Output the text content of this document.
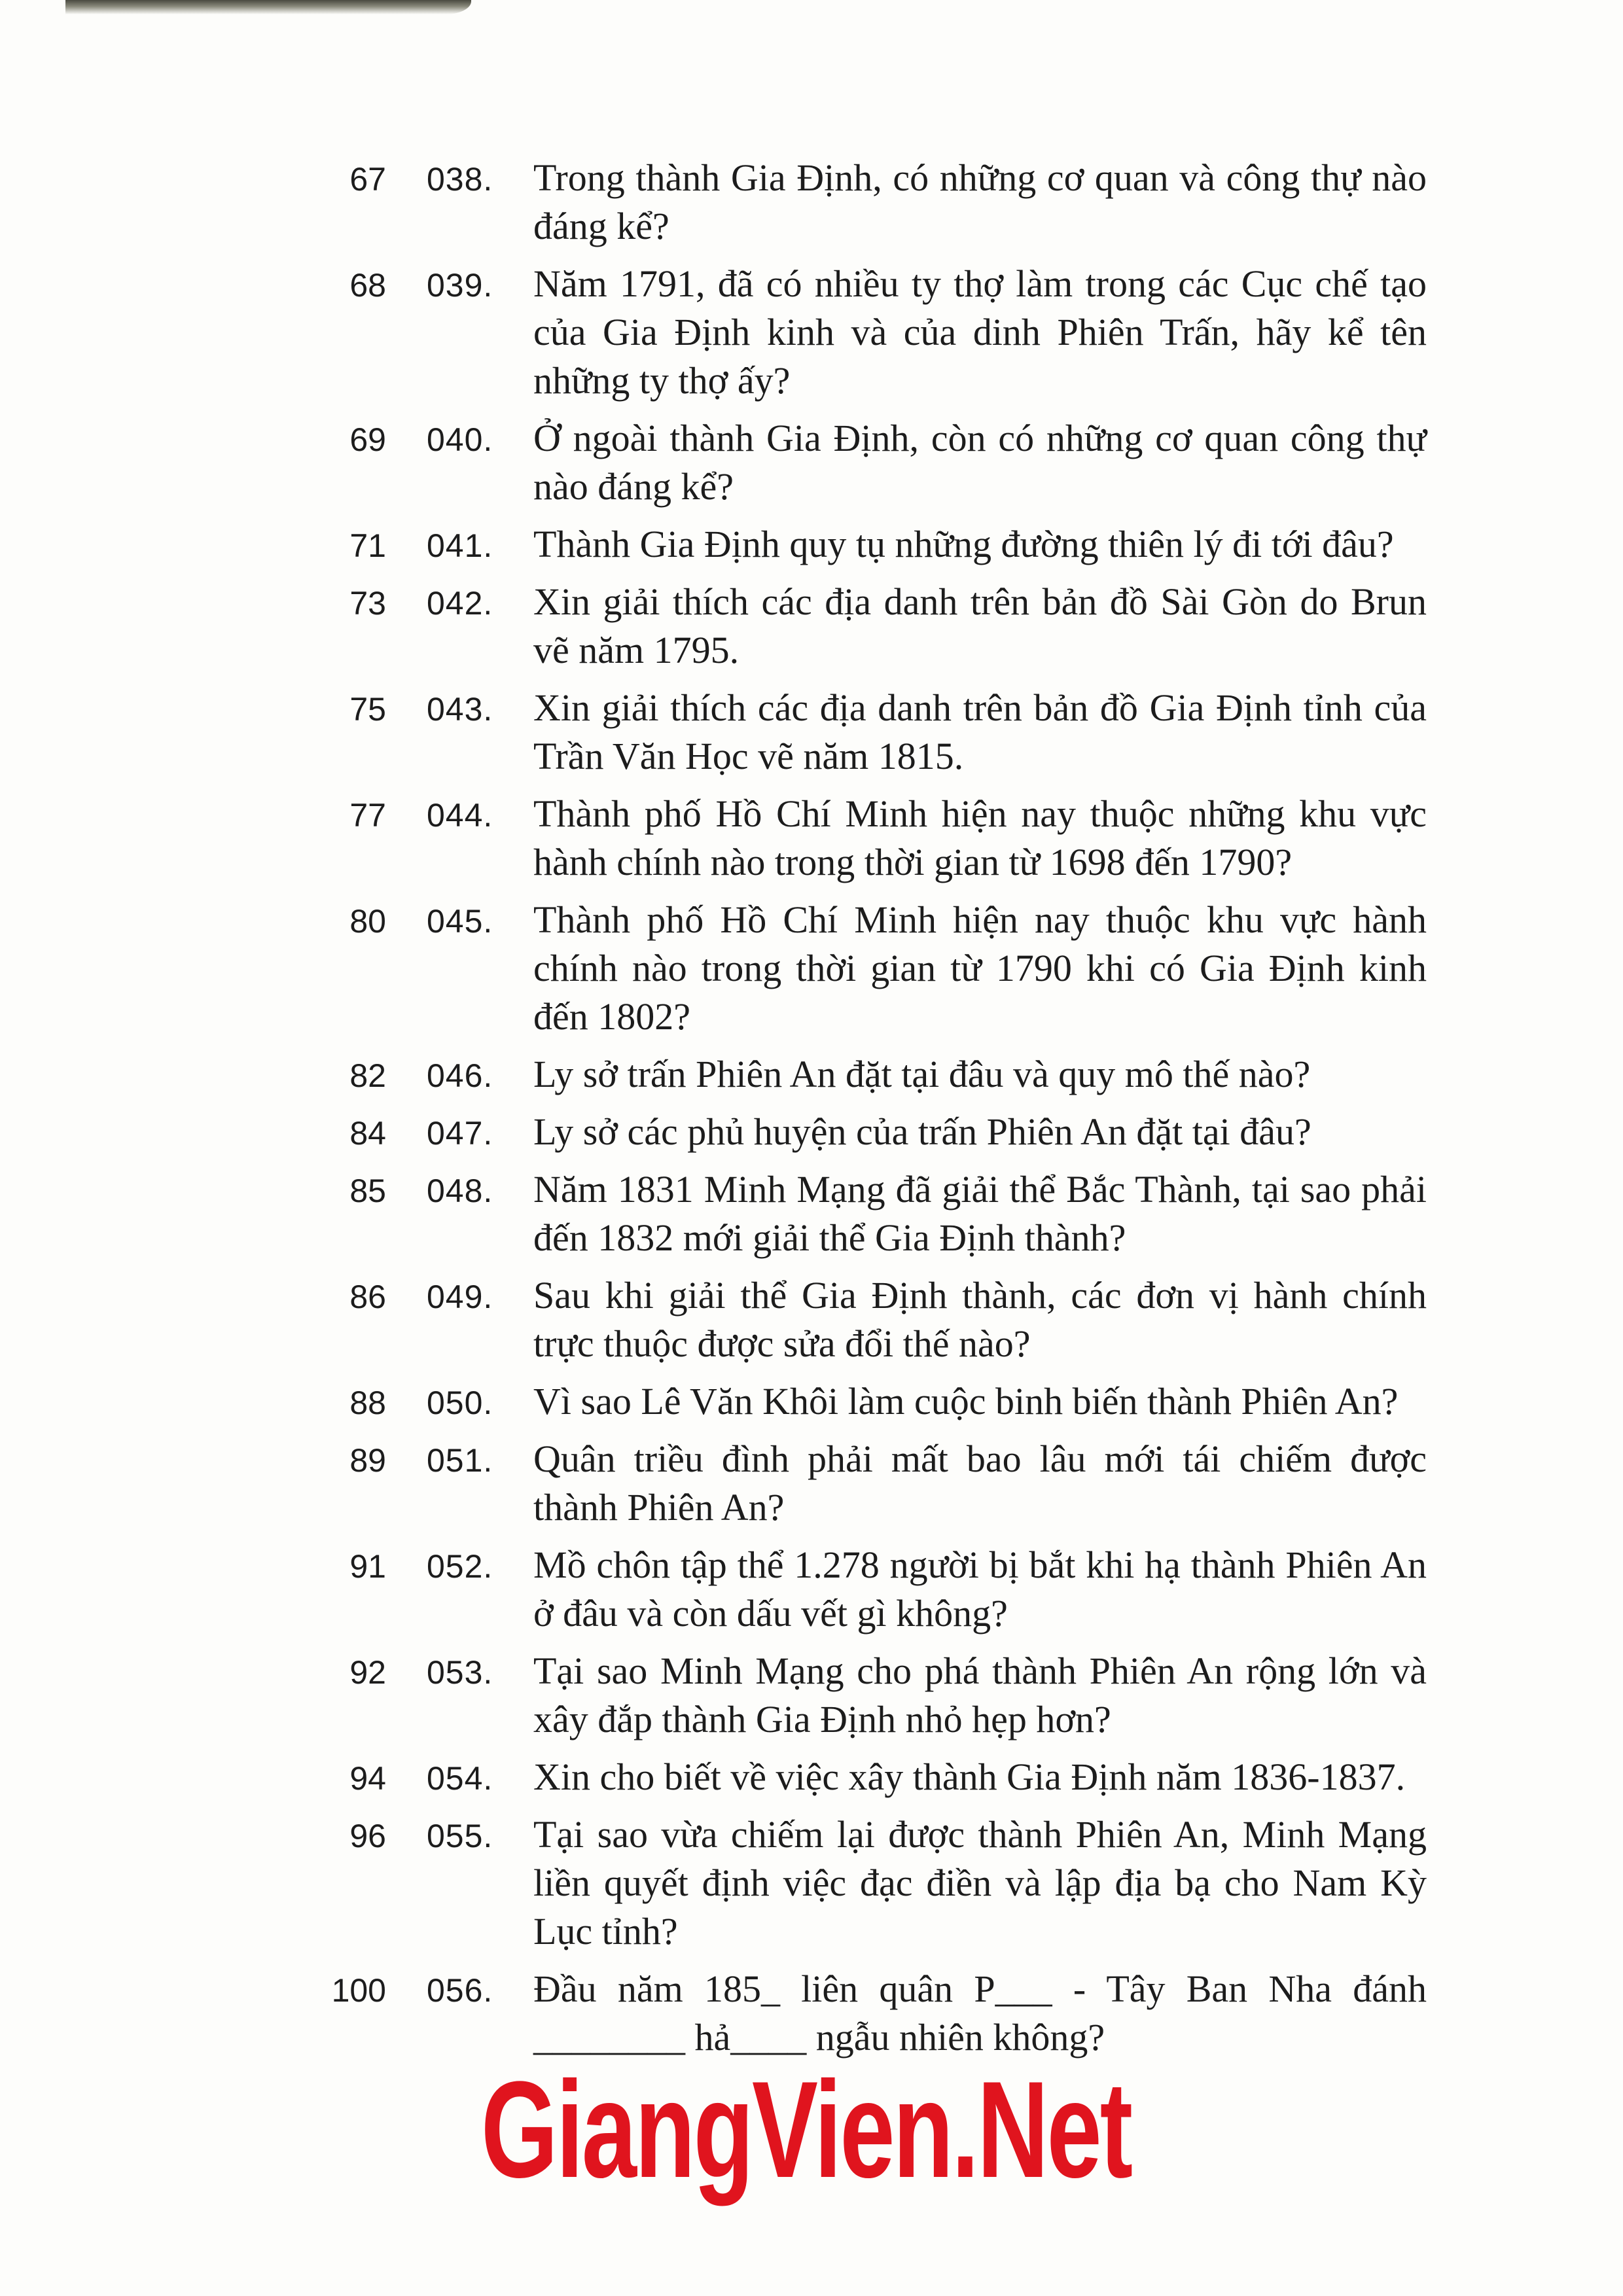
67 038. Trong thành Gia Định, có những cơ quan và công thự nào đáng kể?
68 039. Năm 1791, đã có nhiều ty thợ làm trong các Cục chế tạo của Gia Định kinh và của dinh Phiên Trấn, hãy kể tên những ty thợ ấy?
69 040. Ở ngoài thành Gia Định, còn có những cơ quan công thự nào đáng kể?
71 041. Thành Gia Định quy tụ những đường thiên lý đi tới đâu?
73 042. Xin giải thích các địa danh trên bản đồ Sài Gòn do Brun vẽ năm 1795.
75 043. Xin giải thích các địa danh trên bản đồ Gia Định tỉnh của Trần Văn Học vẽ năm 1815.
77 044. Thành phố Hồ Chí Minh hiện nay thuộc những khu vực hành chính nào trong thời gian từ 1698 đến 1790?
80 045. Thành phố Hồ Chí Minh hiện nay thuộc khu vực hành chính nào trong thời gian từ 1790 khi có Gia Định kinh đến 1802?
82 046. Ly sở trấn Phiên An đặt tại đâu và quy mô thế nào?
84 047. Ly sở các phủ huyện của trấn Phiên An đặt tại đâu?
85 048. Năm 1831 Minh Mạng đã giải thể Bắc Thành, tại sao phải đến 1832 mới giải thể Gia Định thành?
86 049. Sau khi giải thể Gia Định thành, các đơn vị hành chính trực thuộc được sửa đổi thế nào?
88 050. Vì sao Lê Văn Khôi làm cuộc binh biến thành Phiên An?
89 051. Quân triều đình phải mất bao lâu mới tái chiếm được thành Phiên An?
91 052. Mồ chôn tập thể 1.278 người bị bắt khi hạ thành Phiên An ở đâu và còn dấu vết gì không?
92 053. Tại sao Minh Mạng cho phá thành Phiên An rộng lớn và xây đắp thành Gia Định nhỏ hẹp hơn?
94 054. Xin cho biết về việc xây thành Gia Định năm 1836-1837.
96 055. Tại sao vừa chiếm lại được thành Phiên An, Minh Mạng liền quyết định việc đạc điền và lập địa bạ cho Nam Kỳ Lục tỉnh?
100 056. Đầu năm 185_ liên quân P___ - Tây Ban Nha đánh ________ hả____ ngẫu nhiên không?
GiangVien.Net
